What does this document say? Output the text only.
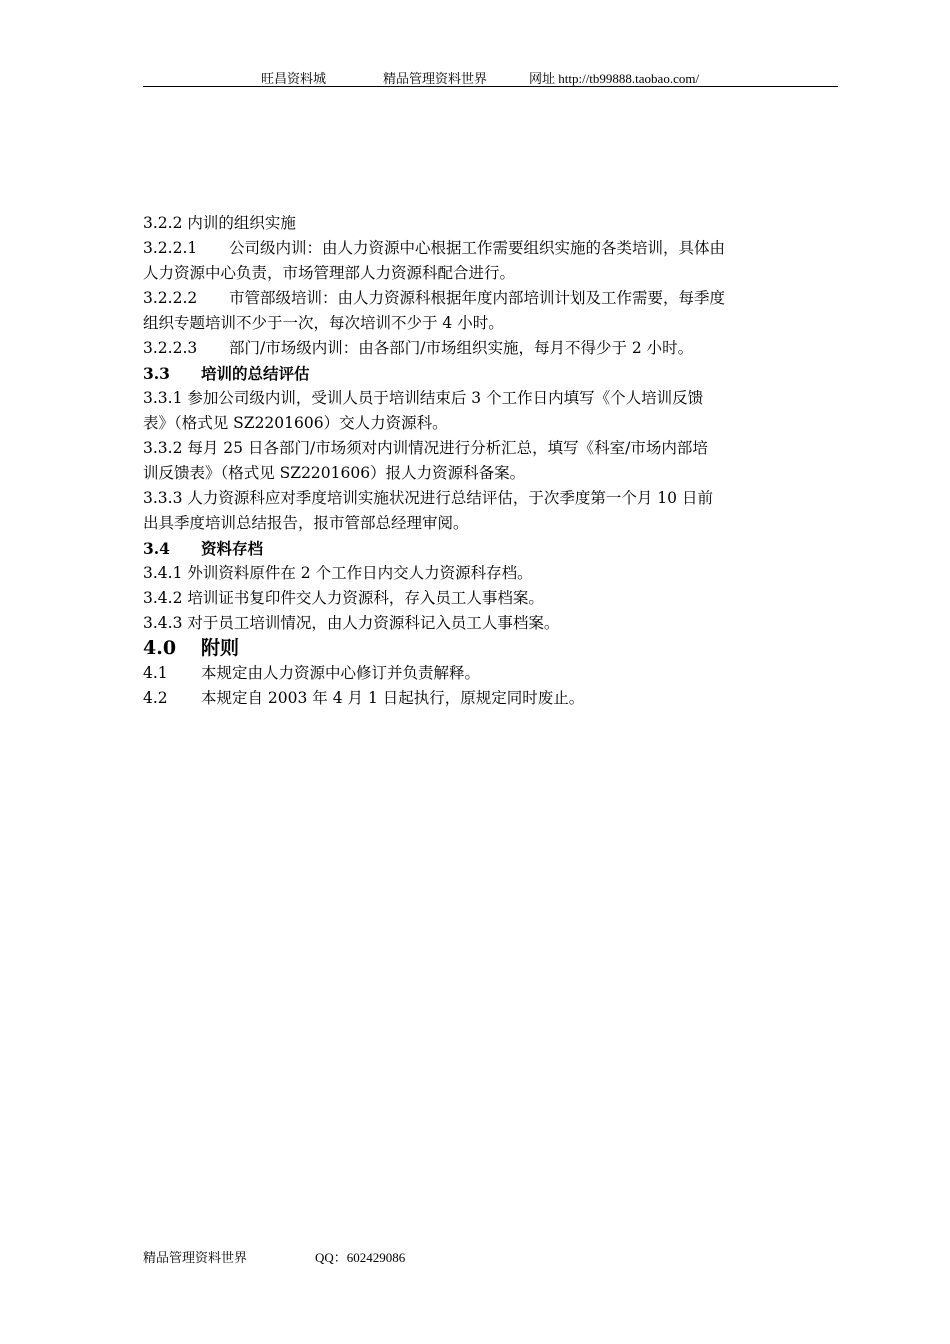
旺昌资料城	精品管理资料世界	网址 http://tb99888.taobao.com/
3.2.2 内训的组织实施
3.2.2.1 公司级内训：由人力资源中心根据工作需要组织实施的各类培训，具体由
人力资源中心负责，市场管理部人力资源科配合进行。
3.2.2.2 市管部级培训：由人力资源科根据年度内部培训计划及工作需要，每季度
组织专题培训不少于一次，每次培训不少于 4 小时。
3.2.2.3 部门/市场级内训：由各部门/市场组织实施，每月不得少于 2 小时。
3.3 培训的总结评估
3.3.1 参加公司级内训，受训人员于培训结束后 3 个工作日内填写《个人培训反馈
表》（格式见 SZ2201606）交人力资源科。
3.3.2 每月 25 日各部门/市场须对内训情况进行分析汇总，填写《科室/市场内部培
训反馈表》（格式见 SZ2201606）报人力资源科备案。
3.3.3 人力资源科应对季度培训实施状况进行总结评估，于次季度第一个月 10 日前
出具季度培训总结报告，报市管部总经理审阅。
3.4 资料存档
3.4.1 外训资料原件在 2 个工作日内交人力资源科存档。
3.4.2 培训证书复印件交人力资源科，存入员工人事档案。
3.4.3 对于员工培训情况，由人力资源科记入员工人事档案。
4.0 附则
4.1 本规定由人力资源中心修订并负责解释。
4.2 本规定自 2003 年 4 月 1 日起执行，原规定同时废止。
精品管理资料世界	QQ：602429086
